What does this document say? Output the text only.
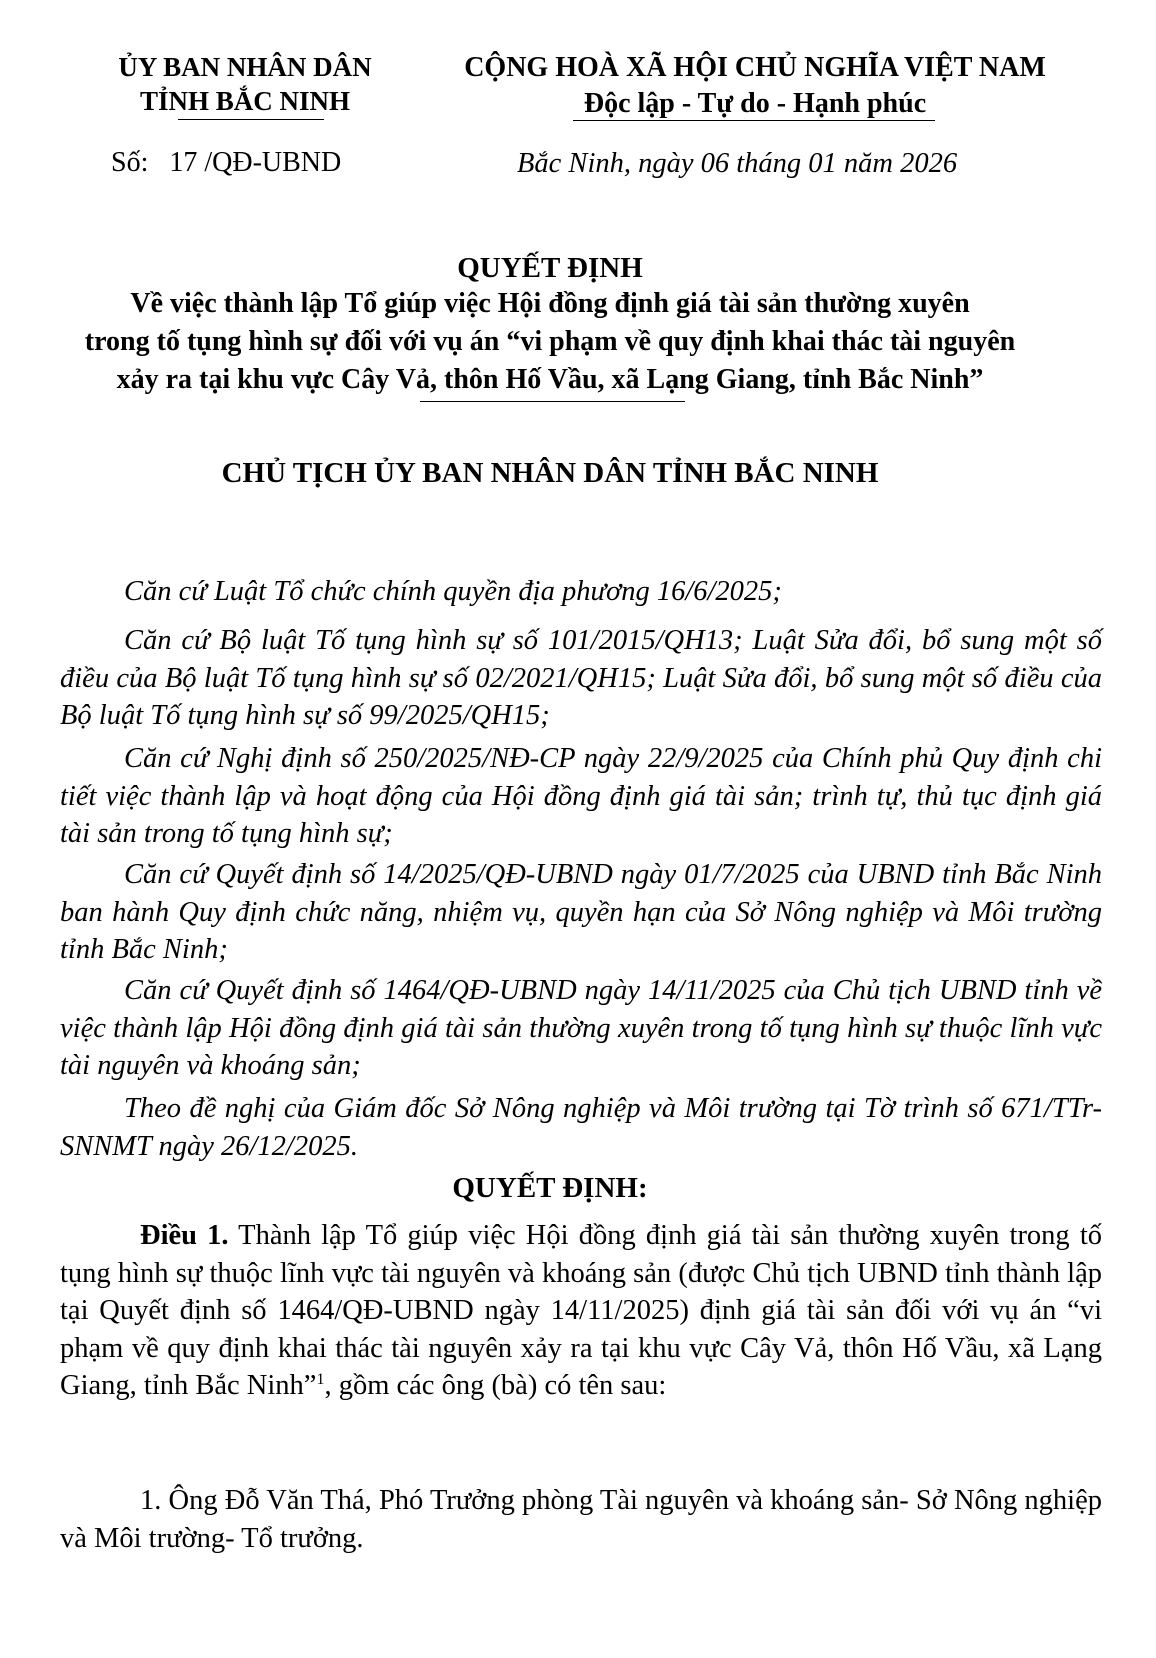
ỦY BAN NHÂN DÂN
TỈNH BẮC NINH
Số: 17 /QĐ-UBND
CỘNG HOÀ XÃ HỘI CHỦ NGHĨA VIỆT NAM
Độc lập - Tự do - Hạnh phúc
Bắc Ninh, ngày 06 tháng 01 năm 2026
QUYẾT ĐỊNH
Về việc thành lập Tổ giúp việc Hội đồng định giá tài sản thường xuyên
trong tố tụng hình sự đối với vụ án “vi phạm về quy định khai thác tài nguyên
xảy ra tại khu vực Cây Vả, thôn Hố Vầu, xã Lạng Giang, tỉnh Bắc Ninh”
CHỦ TỊCH ỦY BAN NHÂN DÂN TỈNH BẮC NINH
Căn cứ Luật Tổ chức chính quyền địa phương 16/6/2025;
Căn cứ Bộ luật Tố tụng hình sự số 101/2015/QH13; Luật Sửa đổi, bổ sung một số điều của Bộ luật Tố tụng hình sự số 02/2021/QH15; Luật Sửa đổi, bổ sung một số điều của Bộ luật Tố tụng hình sự số 99/2025/QH15;
Căn cứ Nghị định số 250/2025/NĐ-CP ngày 22/9/2025 của Chính phủ Quy định chi tiết việc thành lập và hoạt động của Hội đồng định giá tài sản; trình tự, thủ tục định giá tài sản trong tố tụng hình sự;
Căn cứ Quyết định số 14/2025/QĐ-UBND ngày 01/7/2025 của UBND tỉnh Bắc Ninh ban hành Quy định chức năng, nhiệm vụ, quyền hạn của Sở Nông nghiệp và Môi trường tỉnh Bắc Ninh;
Căn cứ Quyết định số 1464/QĐ-UBND ngày 14/11/2025 của Chủ tịch UBND tỉnh về việc thành lập Hội đồng định giá tài sản thường xuyên trong tố tụng hình sự thuộc lĩnh vực tài nguyên và khoáng sản;
Theo đề nghị của Giám đốc Sở Nông nghiệp và Môi trường tại Tờ trình số 671/TTr-SNNMT ngày 26/12/2025.
QUYẾT ĐỊNH:
Điều 1. Thành lập Tổ giúp việc Hội đồng định giá tài sản thường xuyên trong tố tụng hình sự thuộc lĩnh vực tài nguyên và khoáng sản (được Chủ tịch UBND tỉnh thành lập tại Quyết định số 1464/QĐ-UBND ngày 14/11/2025) định giá tài sản đối với vụ án “vi phạm về quy định khai thác tài nguyên xảy ra tại khu vực Cây Vả, thôn Hố Vầu, xã Lạng Giang, tỉnh Bắc Ninh”$^1$, gồm các ông (bà) có tên sau:
1. Ông Đỗ Văn Thá, Phó Trưởng phòng Tài nguyên và khoáng sản- Sở Nông nghiệp và Môi trường- Tổ trưởng.
